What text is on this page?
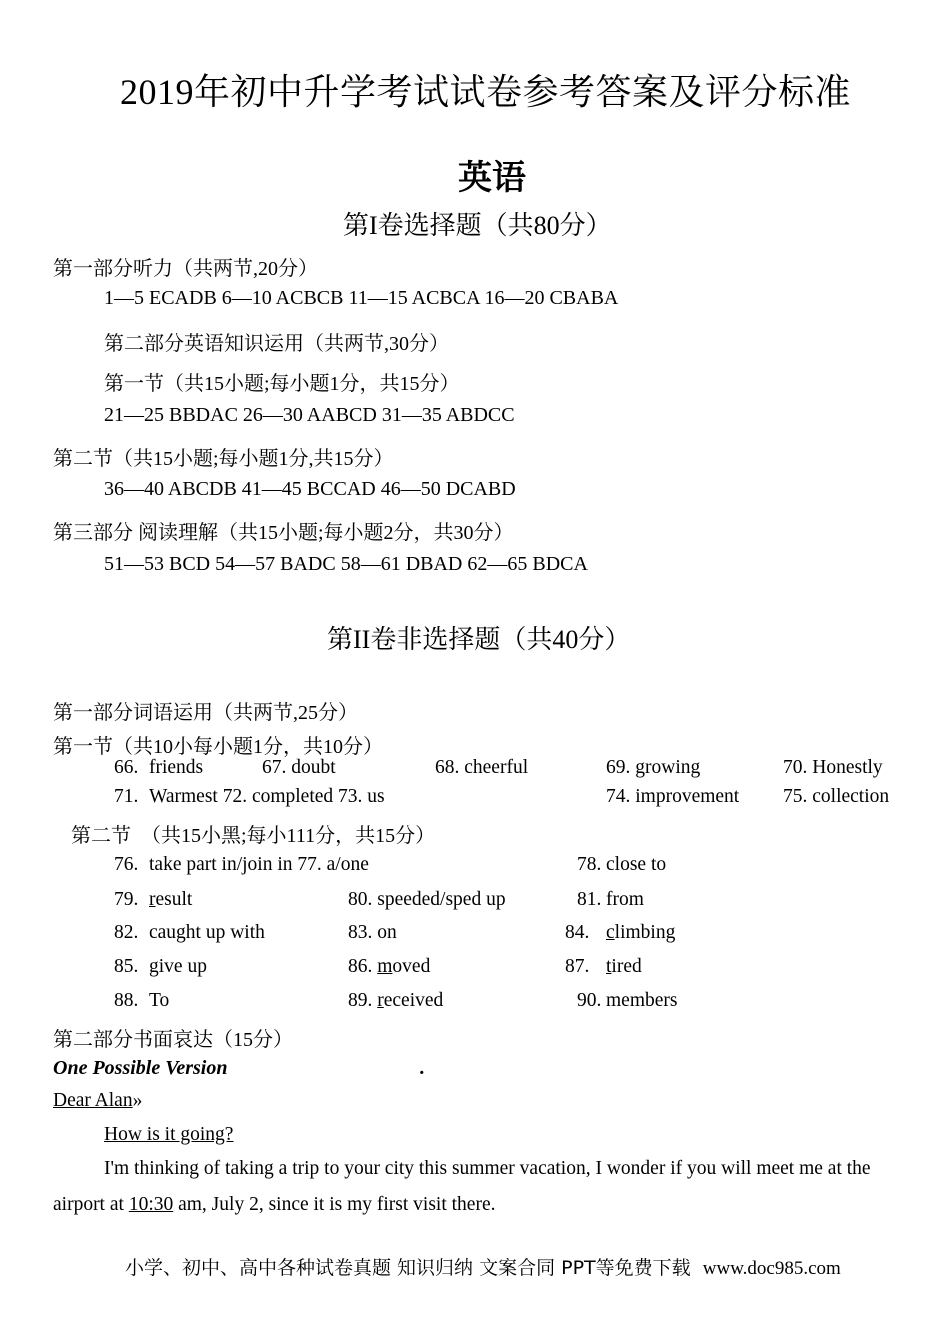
2019年初中升学考试试卷参考答案及评分标准
英语
第I卷选择题（共80分）
第一部分听力（共两节,20分）
1—5 ECADB 6—10 ACBCB 11—15 ACBCA 16—20 CBABA
第二部分英语知识运用（共两节,30分）
第一节（共15小题;每小题1分，共15分）
21—25 BBDAC 26—30 AABCD 31—35 ABDCC
第二节（共15小题;每小题1分,共15分）
36—40 ABCDB 41—45 BCCAD 46—50 DCABD
第三部分 阅读理解（共15小题;每小题2分，共30分）
51—53 BCD 54—57 BADC 58—61 DBAD 62—65 BDCA
第II卷非选择题（共40分）
第一部分词语运用（共两节,25分）
第一节（共10小每小题1分，共10分）
66. friends	67. doubt	68. cheerful	69. growing	70. Honestly
71. Warmest 72. completed 73. us	74. improvement 75. collection
第二节　（共15小黑;每小111分，共15分）
76. take part in/join in 77. a/one	78. close to
79. result	80. speeded/sped up	81. from
82. caught up with	83. on	84. climbing
85. give up	86. moved	87. tired
88. To	89. received	90. members
第二部分书面哀达（15分）
One Possible Version	.
Dear Alan»
How is it going?
I'm thinking of taking a trip to your city this summer vacation, I wonder if you will meet me at the
airport at 10:30 am, July 2, since it is my first visit there.
小学、初中、高中各种试卷真题 知识归纳 文案合同 PPT等免费下载 www.doc985.com
